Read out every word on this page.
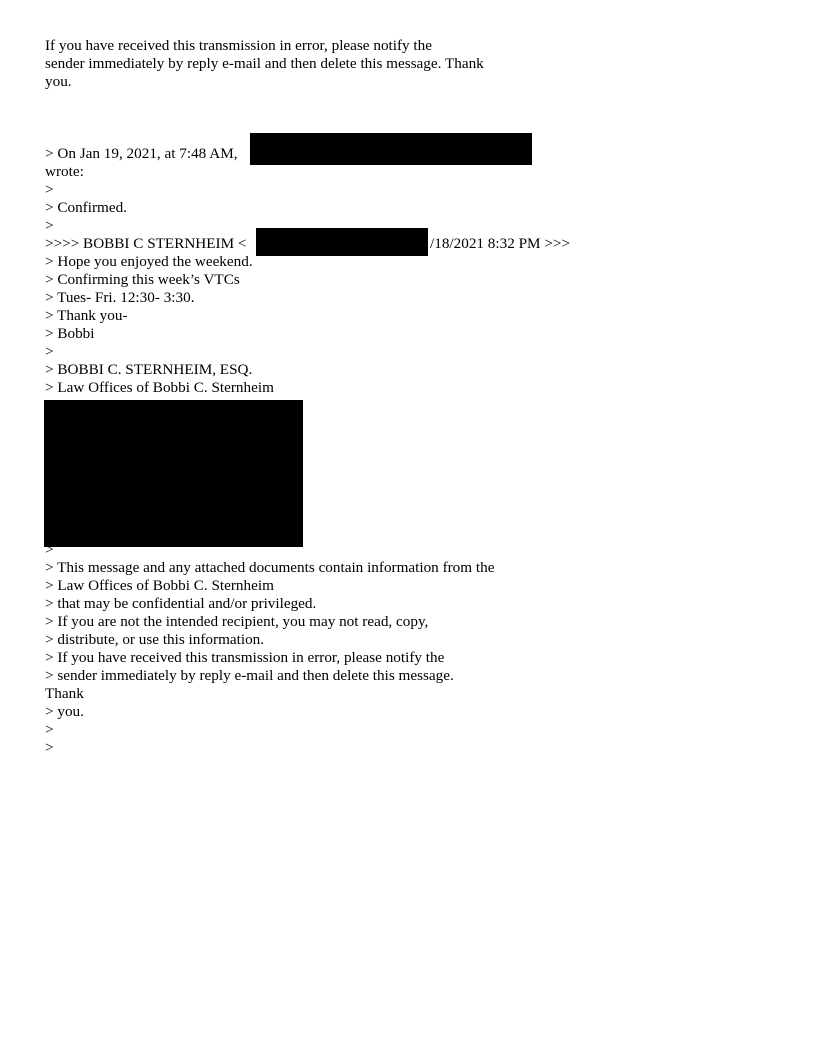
If you have received this transmission in error, please notify the
sender immediately by reply e-mail and then delete this message. Thank
you.
> On Jan 19, 2021, at 7:48 AM,
wrote:
>
> Confirmed.
>
>>>> BOBBI C STERNHEIM <	/18/2021 8:32 PM >>>
> Hope you enjoyed the weekend.
> Confirming this week’s VTCs
> Tues- Fri. 12:30- 3:30.
> Thank you-
> Bobbi
>
> BOBBI C. STERNHEIM, ESQ.
> Law Offices of Bobbi C. Sternheim
>
> This message and any attached documents contain information from the
> Law Offices of Bobbi C. Sternheim
> that may be confidential and/or privileged.
> If you are not the intended recipient, you may not read, copy,
> distribute, or use this information.
> If you have received this transmission in error, please notify the
> sender immediately by reply e-mail and then delete this message.
Thank
> you.
>
>
